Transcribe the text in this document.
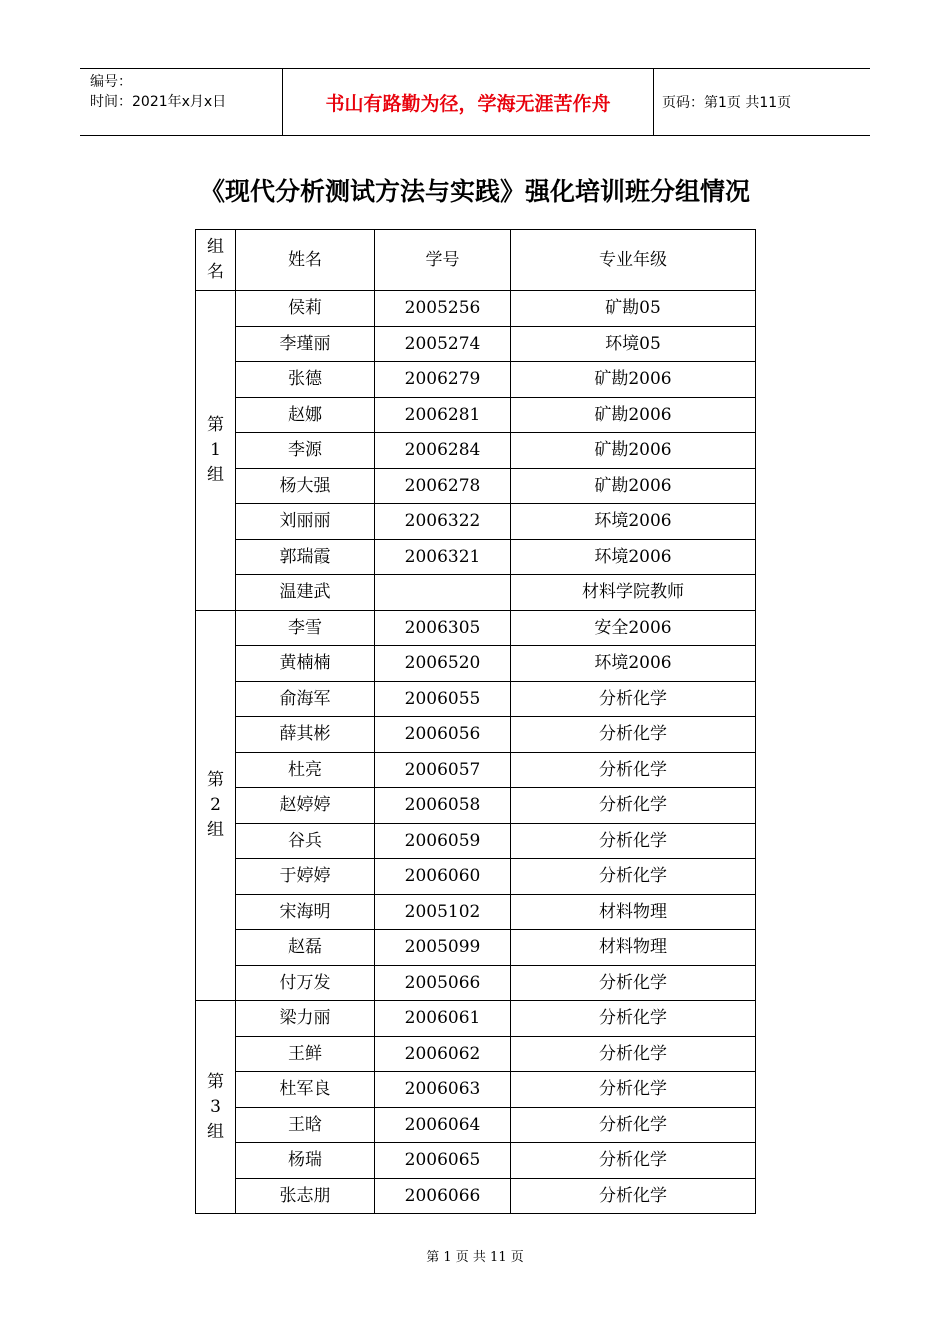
编号：
时间：2021年x月x日	书山有路勤为径，学海无涯苦作舟	页码：第1页 共11页
《现代分析测试方法与实践》强化培训班分组情况
组
名	姓名	学号	专业年级

第
1
组	侯莉	2005256	矿勘05
	李瑾丽	2005274	环境05
	张德	2006279	矿勘2006
	赵娜	2006281	矿勘2006
	李源	2006284	矿勘2006
	杨大强	2006278	矿勘2006
	刘丽丽	2006322	环境2006
	郭瑞霞	2006321	环境2006
	温建武		材料学院教师

第
2
组	李雪	2006305	安全2006
	黄楠楠	2006520	环境2006
	俞海军	2006055	分析化学
	薛其彬	2006056	分析化学
	杜亮	2006057	分析化学
	赵婷婷	2006058	分析化学
	谷兵	2006059	分析化学
	于婷婷	2006060	分析化学
	宋海明	2005102	材料物理
	赵磊	2005099	材料物理
	付万发	2005066	分析化学

第
3
组	梁力丽	2006061	分析化学
	王鲜	2006062	分析化学
	杜军良	2006063	分析化学
	王晗	2006064	分析化学
	杨瑞	2006065	分析化学
	张志朋	2006066	分析化学
第 1 页 共 11 页
